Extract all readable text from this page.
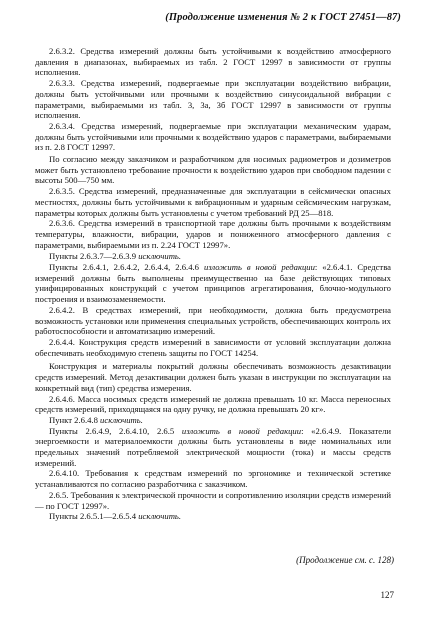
(Продолжение изменения № 2 к ГОСТ 27451—87)

2.6.3.2. Средства измерений должны быть устойчивыми к воздействию атмосферного давления в диапазонах, выбираемых из табл. 2 ГОСТ 12997 в зависимости от группы исполнения.

2.6.3.3. Средства измерений, подвергаемые при эксплуатации воздействию вибрации, должны быть устойчивыми или прочными к воздействию синусоидальной вибрации с параметрами, выбираемыми из табл. 3, 3а, 3б ГОСТ 12997 в зависимости от группы исполнения.

2.6.3.4. Средства измерений, подвергаемые при эксплуатации механическим ударам, должны быть устойчивыми или прочными к воздействию ударов с параметрами, выбираемыми из п. 2.8 ГОСТ 12997.

По согласию между заказчиком и разработчиком для носимых радиометров и дозиметров может быть установлено требование прочности к воздействию ударов при свободном падении с высоты 500—750 мм.

2.6.3.5. Средства измерений, предназначенные для эксплуатации в сейсмически опасных местностях, должны быть устойчивыми к вибрационным и ударным сейсмическим нагрузкам, параметры которых должны быть установлены с учетом требований РД 25—818.

2.6.3.6. Средства измерений в транспортной таре должны быть прочными к воздействиям температуры, влажности, вибрации, ударов и пониженного атмосферного давления с параметрами, выбираемыми из п. 2.24 ГОСТ 12997».

Пункты 2.6.3.7—2.6.3.9 исключить.

Пункты 2.6.4.1, 2.6.4.2, 2.6.4.4, 2.6.4.6 изложить в новой редакции: «2.6.4.1. Средства измерений должны быть выполнены преимущественно на базе действующих типовых унифицированных конструкций с учетом принципов агрегатирования, блочно-модульного построения и взаимозаменяемости.

2.6.4.2. В средствах измерений, при необходимости, должна быть предусмотрена возможность установки или применения специальных устройств, обеспечивающих контроль их работоспособности и автоматизацию измерений.

2.6.4.4. Конструкция средств измерений в зависимости от условий эксплуатации должна обеспечивать необходимую степень защиты по ГОСТ 14254.

Конструкция и материалы покрытий должны обеспечивать возможность дезактивации средств измерений. Метод дезактивации должен быть указан в инструкции по эксплуатации на конкретный вид (тип) средства измерения.

2.6.4.6. Масса носимых средств измерений не должна превышать 10 кг. Масса переносных средств измерений, приходящаяся на одну ручку, не должна превышать 20 кг».

Пункт 2.6.4.8 исключить.

Пункты 2.6.4.9, 2.6.4.10, 2.6.5 изложить в новой редакции: «2.6.4.9. Показатели энергоемкости и материалоемкости должны быть установлены в виде номинальных или предельных значений потребляемой электрической мощности (тока) и массы средств измерений.

2.6.4.10. Требования к средствам измерений по эргономике и технической эстетике устанавливаются по согласию разработчика с заказчиком.

2.6.5. Требования к электрической прочности и сопротивлению изоляции средств измерений — по ГОСТ 12997».

Пункты 2.6.5.1—2.6.5.4 исключить.

(Продолжение см. с. 128)
127
